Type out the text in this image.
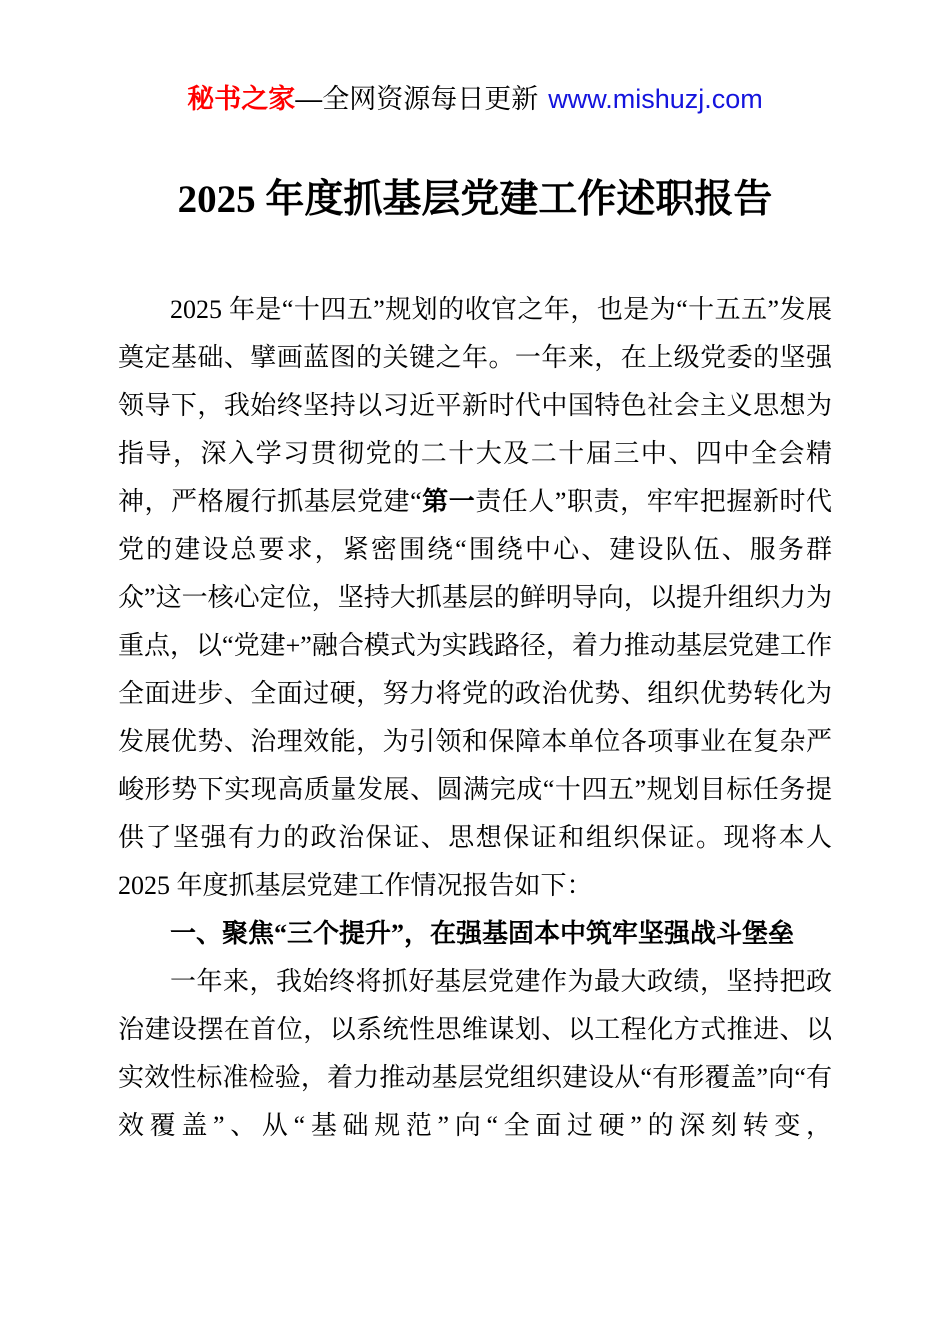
秘书之家—全网资源每日更新 www.mishuzj.com
2025 年度抓基层党建工作述职报告

2025 年是“十四五”规划的收官之年，也是为“十五五”发展奠定基础、擘画蓝图的关键之年。一年来，在上级党委的坚强领导下，我始终坚持以习近平新时代中国特色社会主义思想为指导，深入学习贯彻党的二十大及二十届三中、四中全会精神，严格履行抓基层党建“第一责任人”职责，牢牢把握新时代党的建设总要求，紧密围绕“围绕中心、建设队伍、服务群众”这一核心定位，坚持大抓基层的鲜明导向，以提升组织力为重点，以“党建+”融合模式为实践路径，着力推动基层党建工作全面进步、全面过硬，努力将党的政治优势、组织优势转化为发展优势、治理效能，为引领和保障本单位各项事业在复杂严峻形势下实现高质量发展、圆满完成“十四五”规划目标任务提供了坚强有力的政治保证、思想保证和组织保证。现将本人 2025 年度抓基层党建工作情况报告如下：

一、聚焦“三个提升”，在强基固本中筑牢坚强战斗堡垒

一年来，我始终将抓好基层党建作为最大政绩，坚持把政治建设摆在首位，以系统性思维谋划、以工程化方式推进、以实效性标准检验，着力推动基层党组织建设从“有形覆盖”向“有效覆盖”、从“基础规范”向“全面过硬”的深刻转变，
